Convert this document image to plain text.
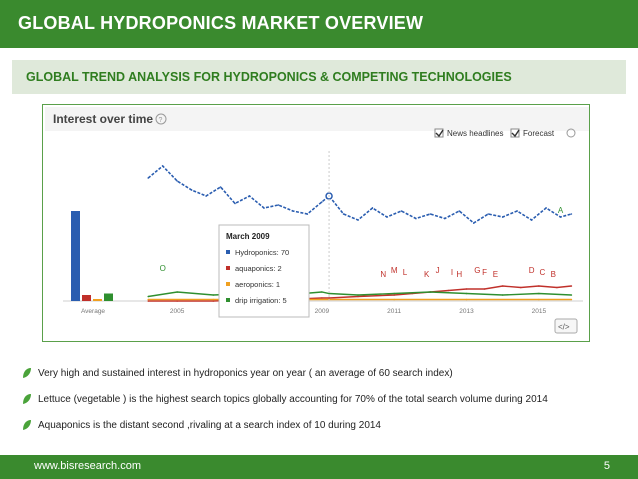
GLOBAL HYDROPONICS MARKET OVERVIEW
GLOBAL TREND ANALYSIS FOR HYDROPONICS & COMPETING TECHNOLOGIES
Interest over time ?
News headlines Forecast
O
N M L K J I H G F E	D C B
A
Average	2005	2009	2011	2013	2015
March 2009
Hydroponics: 70
aquaponics: 2
aeroponics: 1
drip irrigation: 5
</>
Very high and sustained interest in hydroponics year on year ( an average of 60 search index)
Lettuce (vegetable ) is the highest search topics globally accounting for 70% of the total search volume during 2014
Aquaponics is the distant second ,rivaling at a search index of 10 during 2014
www.bisresearch.com	5
